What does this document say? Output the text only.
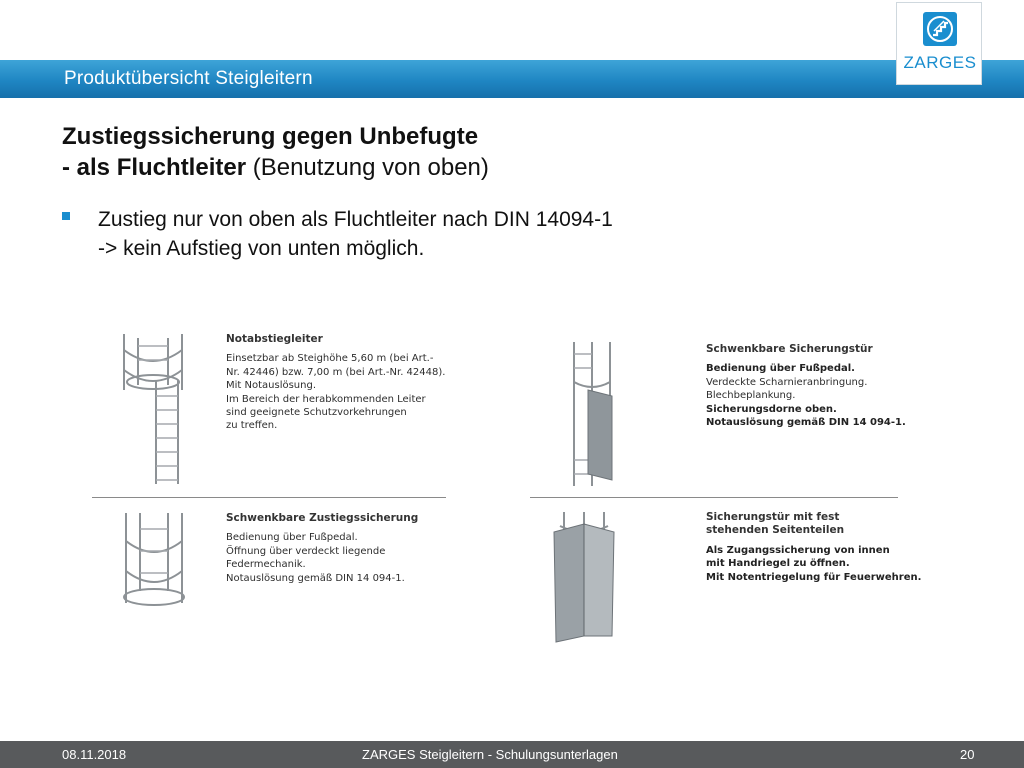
Produktübersicht Steigleitern
ZARGES
Zustiegssicherung gegen Unbefugte
- als Fluchtleiter (Benutzung von oben)
Zustieg nur von oben als Fluchtleiter nach DIN 14094-1
-> kein Aufstieg von unten möglich.
Notabstiegleiter
Einsetzbar ab Steighöhe 5,60 m (bei Art.-
Nr. 42446) bzw. 7,00 m (bei Art.-Nr. 42448).
Mit Notauslösung.
Im Bereich der herabkommenden Leiter
sind geeignete Schutzvorkehrungen
zu treffen.
Schwenkbare Zustiegssicherung
Bedienung über Fußpedal.
Öffnung über verdeckt liegende
Federmechanik.
Notauslösung gemäß DIN 14 094-1.
Schwenkbare Sicherungstür
Bedienung über Fußpedal.
Verdeckte Scharnieranbringung.
Blechbeplankung.
Sicherungsdorne oben.
Notauslösung gemäß DIN 14 094-1.
Sicherungstür mit fest stehenden Seitenteilen
Als Zugangssicherung von innen
mit Handriegel zu öffnen.
Mit Notentriegelung für Feuerwehren.
08.11.2018	ZARGES Steigleitern - Schulungsunterlagen	20
